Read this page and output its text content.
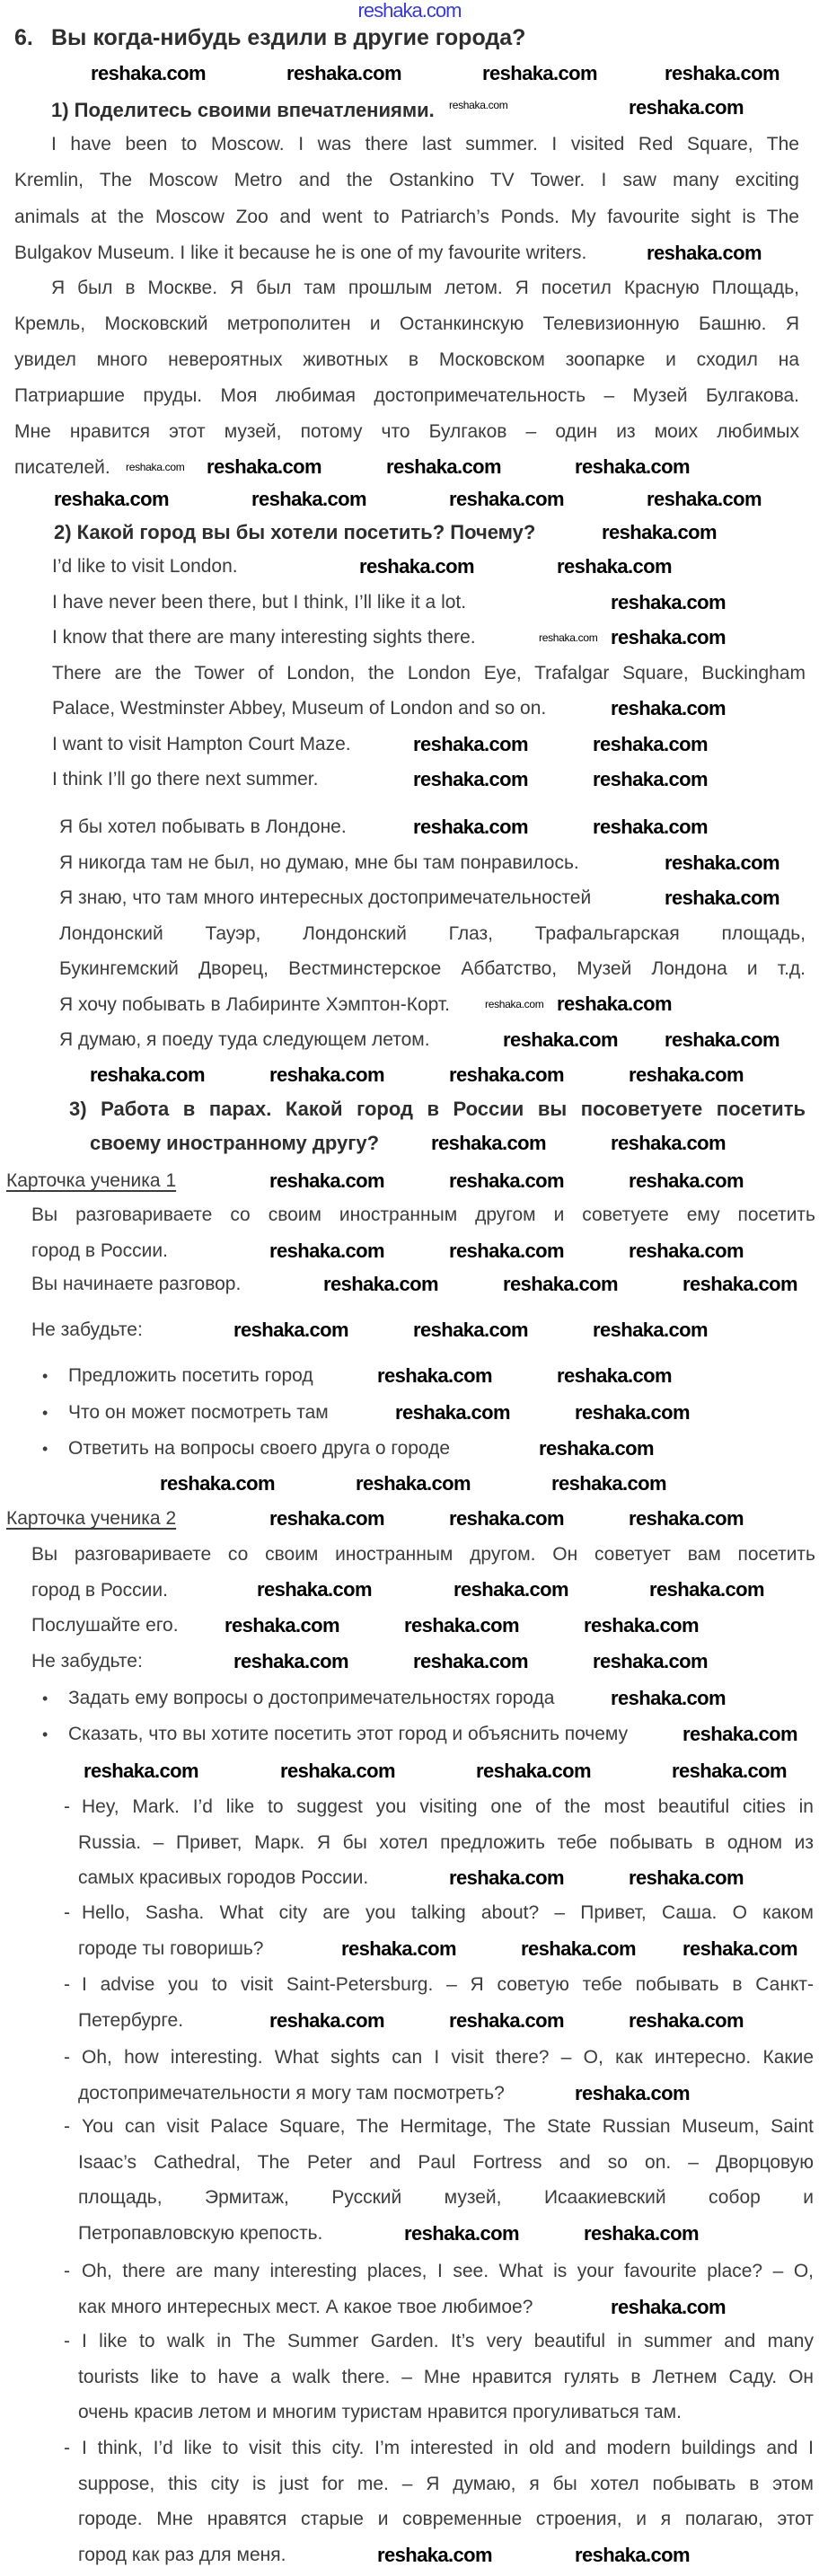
reshaka.com
6. Вы когда-нибудь ездили в другие города?
1) Поделитесь своими впечатлениями.
2) Какой город вы бы хотели посетить? Почему?
Карточка ученика 1
Карточка ученика 2
I have been to Moscow. I was there last summer. I visited Red Square, The
Kremlin, The Moscow Metro and the Ostankino TV Tower. I saw many exciting
animals at the Moscow Zoo and went to Patriarch’s Ponds. My favourite sight is The
Bulgakov Museum. I like it because he is one of my favourite writers.
Я был в Москве. Я был там прошлым летом. Я посетил Красную Площадь,
Кремль, Московский метрополитен и Останкинскую Телевизионную Башню. Я
увидел много невероятных животных в Московском зоопарке и сходил на
Патриаршие пруды. Моя любимая достопримечательность – Музей Булгакова.
Мне нравится этот музей, потому что Булгаков – один из моих любимых
писателей.
I’d like to visit London.
I have never been there, but I think, I’ll like it a lot.
I know that there are many interesting sights there.
There are the Tower of London, the London Eye, Trafalgar Square, Buckingham
Palace, Westminster Abbey, Museum of London and so on.
I want to visit Hampton Court Maze.
I think I’ll go there next summer.
Я бы хотел побывать в Лондоне.
Я никогда там не был, но думаю, мне бы там понравилось.
Я знаю, что там много интересных достопримечательностей
Лондонский Тауэр, Лондонский Глаз, Трафальгарская площадь,
Букингемский Дворец, Вестминстерское Аббатство, Музей Лондона и т.д.
Я хочу побывать в Лабиринте Хэмптон-Корт.
Я думаю, я поеду туда следующем летом.
3) Работа в парах. Какой город в России вы посоветуете посетить
своему иностранному другу?
Вы разговариваете со своим иностранным другом и советуете ему посетить
город в России.
Вы начинаете разговор.
Не забудьте:
Предложить посетить город
•
Что он может посмотреть там
•
Ответить на вопросы своего друга о городе
•
Вы разговариваете со своим иностранным другом. Он советует вам посетить
город в России.
Послушайте его.
Не забудьте:
Задать ему вопросы о достопримечательностях города
•
Сказать, что вы хотите посетить этот город и объяснить почему
•
Hey, Mark. I’d like to suggest you visiting one of the most beautiful cities in
-
Russia. – Привет, Марк. Я бы хотел предложить тебе побывать в одном из
самых красивых городов России.
Hello, Sasha. What city are you talking about? – Привет, Саша. О каком
-
городе ты говоришь?
I advise you to visit Saint-Petersburg. – Я советую тебе побывать в Санкт-
-
Петербурге.
Oh, how interesting. What sights can I visit there? – О, как интересно. Какие
-
достопримечательности я могу там посмотреть?
You can visit Palace Square, The Hermitage, The State Russian Museum, Saint
-
Isaac’s Cathedral, The Peter and Paul Fortress and so on. – Дворцовую
площадь, Эрмитаж, Русский музей, Исаакиевский собор и
Петропавловскую крепость.
Oh, there are many interesting places, I see. What is your favourite place? – О,
-
как много интересных мест. А какое твое любимое?
I like to walk in The Summer Garden. It’s very beautiful in summer and many
-
tourists like to have a walk there. – Мне нравится гулять в Летнем Саду. Он
очень красив летом и многим туристам нравится прогуливаться там.
I think, I’d like to visit this city. I’m interested in old and modern buildings and I
-
suppose, this city is just for me. – Я думаю, я бы хотел побывать в этом
городе. Мне нравятся старые и современные строения, и я полагаю, этот
город как раз для меня.
reshaka.com	reshaka.com	reshaka.com	reshaka.com
reshaka.com	reshaka.com
reshaka.com
reshaka.com reshaka.com	reshaka.com	reshaka.com
reshaka.com	reshaka.com	reshaka.com	reshaka.com
reshaka.com
reshaka.com	reshaka.com
reshaka.com
reshaka.com reshaka.com
reshaka.com
reshaka.com	reshaka.com
reshaka.com	reshaka.com
reshaka.com	reshaka.com
reshaka.com
reshaka.com
reshaka.com reshaka.com
reshaka.com reshaka.com
reshaka.com	reshaka.com	reshaka.com	reshaka.com
reshaka.com	reshaka.com
reshaka.com	reshaka.com	reshaka.com
reshaka.com	reshaka.com	reshaka.com
reshaka.com	reshaka.com	reshaka.com
reshaka.com	reshaka.com	reshaka.com
reshaka.com	reshaka.com
reshaka.com	reshaka.com
reshaka.com
reshaka.com	reshaka.com	reshaka.com
reshaka.com	reshaka.com	reshaka.com
reshaka.com	reshaka.com	reshaka.com
reshaka.com	reshaka.com	reshaka.com
reshaka.com	reshaka.com	reshaka.com
reshaka.com
reshaka.com
reshaka.com	reshaka.com	reshaka.com	reshaka.com
reshaka.com	reshaka.com
reshaka.com	reshaka.com reshaka.com
reshaka.com	reshaka.com	reshaka.com
reshaka.com
reshaka.com	reshaka.com
reshaka.com
reshaka.com	reshaka.com
